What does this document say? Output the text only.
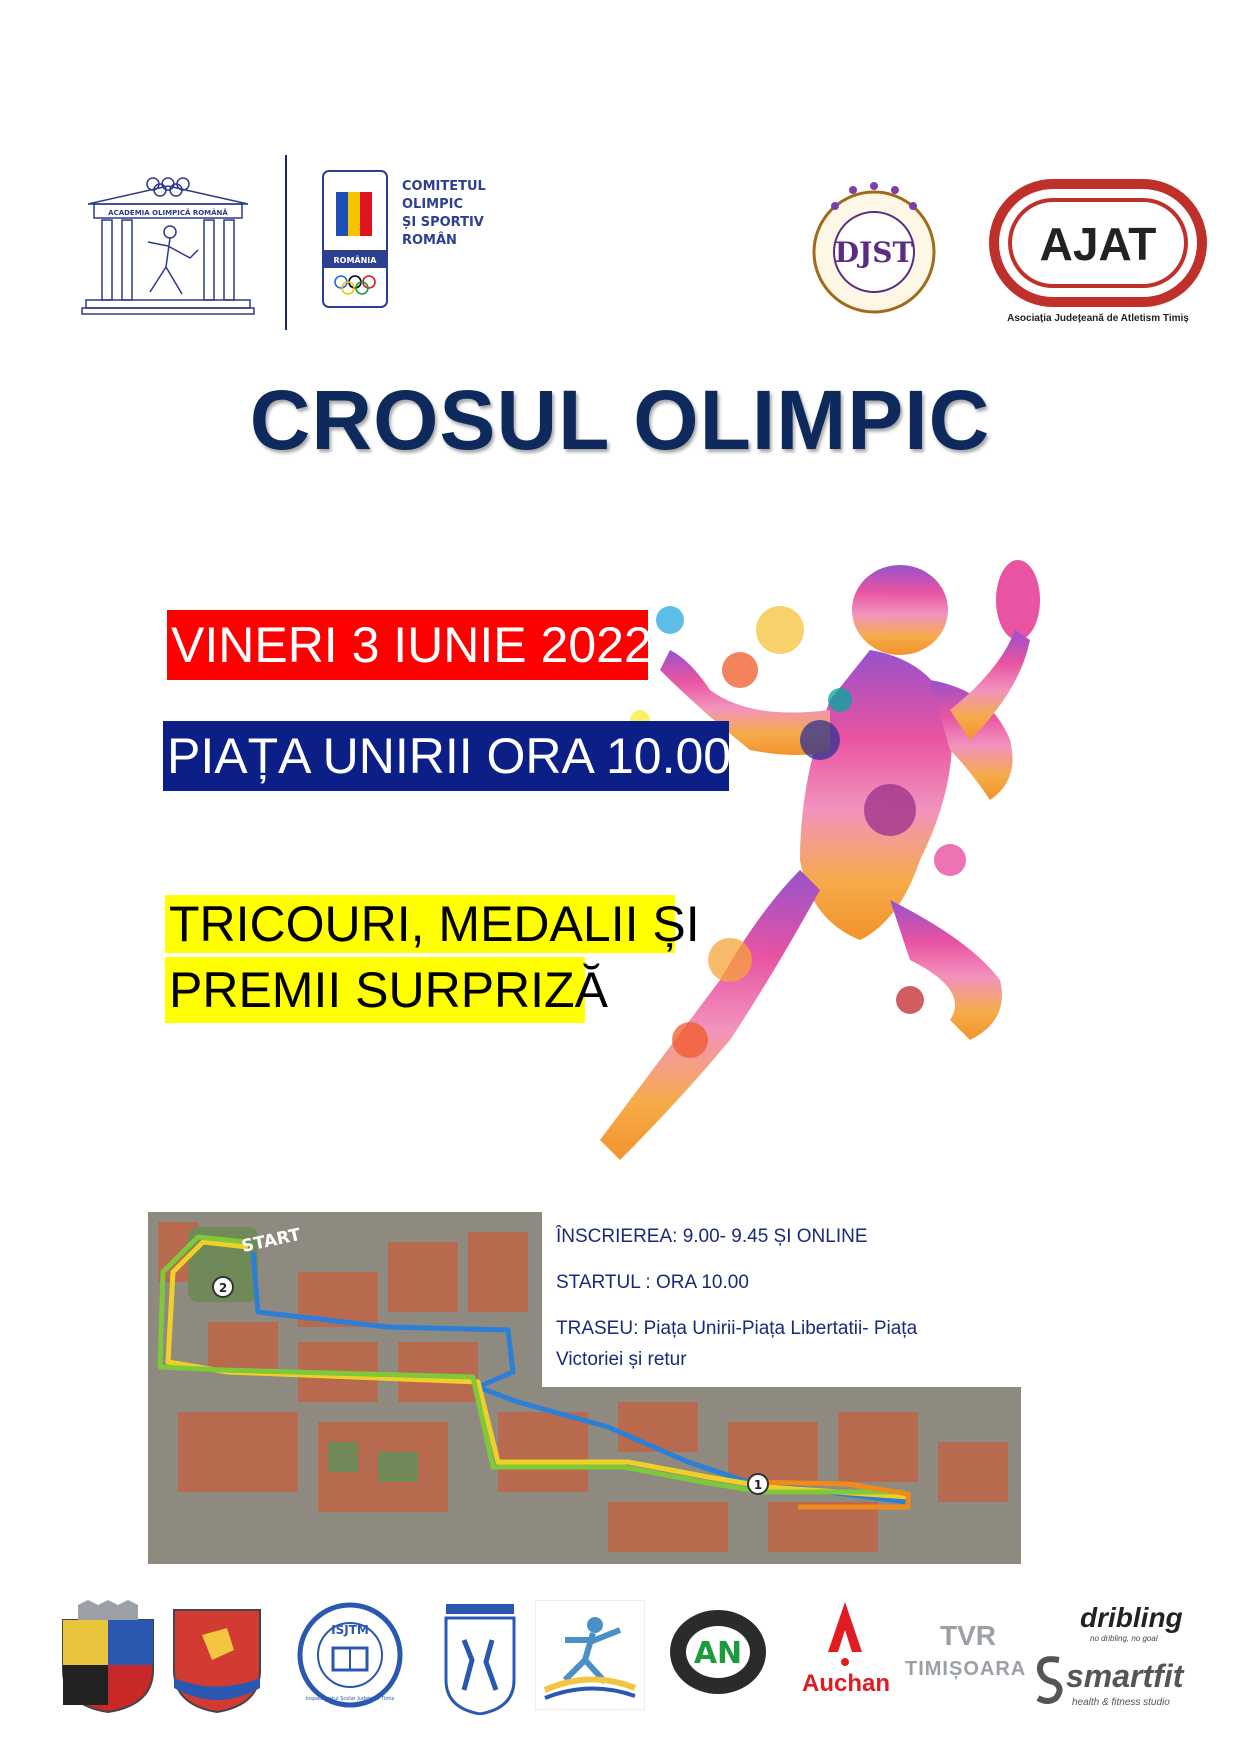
ACADEMIA OLIMPICĂ ROMÂNĂ
ROMÂNIA
COMITETUL
OLIMPIC
ȘI SPORTIV
ROMÂN	DJST	AJAT
Asociația Județeană de Atletism Timiș
CROSUL OLIMPIC
VINERI 3 IUNIE 2022
PIAȚA UNIRII ORA 10.00
TRICOURI, MEDALII ȘI
PREMII SURPRIZĂ
2
1
START	ÎNSCRIEREA: 9.00- 9.45 ȘI ONLINE
STARTUL : ORA 10.00
TRASEU: Piața Unirii-Piața Libertatii- Piața
Victoriei și retur
ISJTM
Inspectoratul Școlar Județean Timiș
AN
Auchan
TVR
TIMIȘOARA
dribling
no dribling, no goal
smartfit
health & fitness studio
